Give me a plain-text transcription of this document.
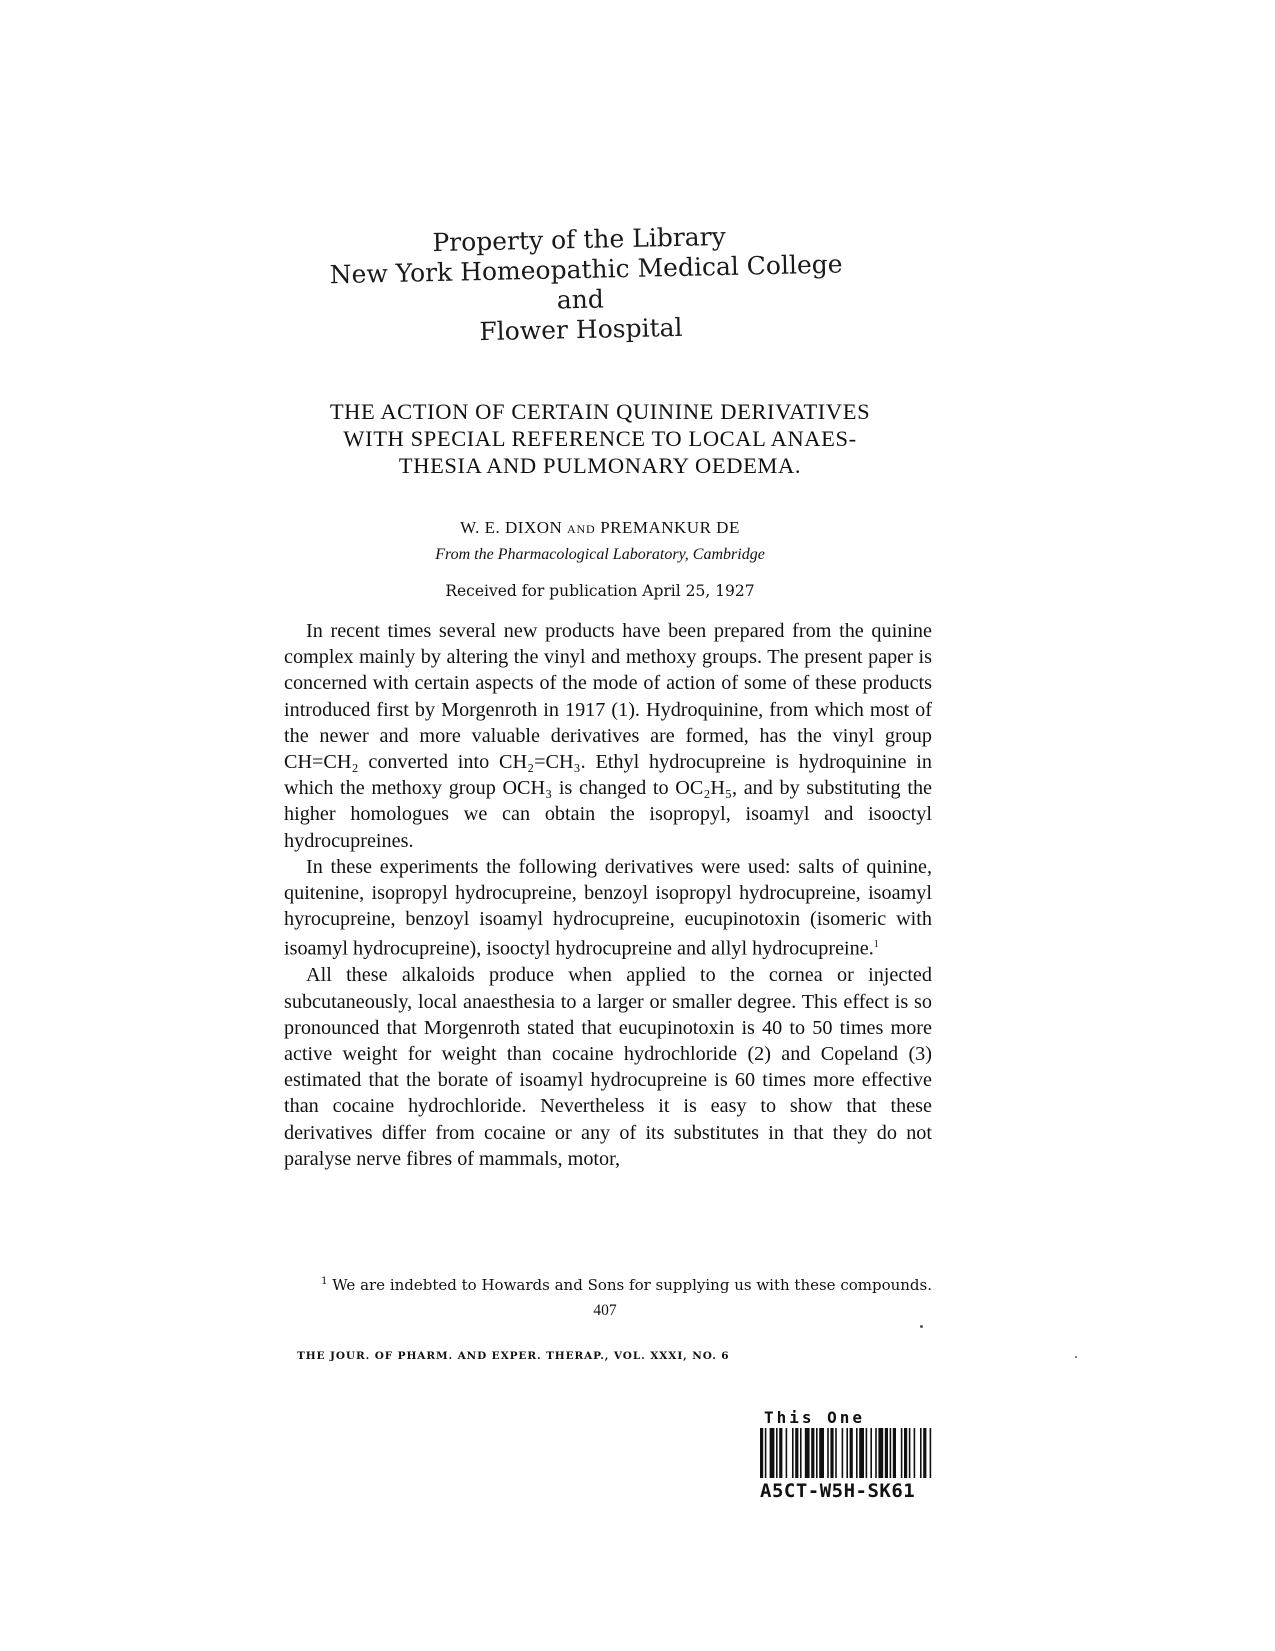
Property of the Library
New York Homeopathic Medical College
and
Flower Hospital
THE ACTION OF CERTAIN QUININE DERIVATIVES
WITH SPECIAL REFERENCE TO LOCAL ANAES-
THESIA AND PULMONARY OEDEMA.
W. E. DIXON AND PREMANKUR DE
From the Pharmacological Laboratory, Cambridge
Received for publication April 25, 1927

In recent times several new products have been prepared from the quinine complex mainly by altering the vinyl and methoxy groups. The present paper is concerned with certain aspects of the mode of action of some of these products introduced first by Morgenroth in 1917 (1). Hydroquinine, from which most of the newer and more valuable derivatives are formed, has the vinyl group CH=CH₂ converted into CH₂=CH₃. Ethyl hydrocupreine is hydroquinine in which the methoxy group OCH₃ is changed to OC₂H₅, and by substituting the higher homologues we can obtain the isopropyl, isoamyl and isooctyl hydrocupreines.

In these experiments the following derivatives were used: salts of quinine, quitenine, isopropyl hydrocupreine, benzoyl isopropyl hydrocupreine, isoamyl hyrocupreine, benzoyl isoamyl hydrocupreine, eucupinotoxin (isomeric with isoamyl hydrocupreine), isooctyl hydrocupreine and allyl hydrocupreine.$^1$

All these alkaloids produce when applied to the cornea or injected subcutaneously, local anaesthesia to a larger or smaller degree. This effect is so pronounced that Morgenroth stated that eucupinotoxin is 40 to 50 times more active weight for weight than cocaine hydrochloride (2) and Copeland (3) estimated that the borate of isoamyl hydrocupreine is 60 times more effective than cocaine hydrochloride. Nevertheless it is easy to show that these derivatives differ from cocaine or any of its substitutes in that they do not paralyse nerve fibres of mammals, motor,

$^1$ We are indebted to Howards and Sons for supplying us with these compounds.
407
THE JOUR. OF PHARM. AND EXPER. THERAP., VOL. XXXI, NO. 6
This One
A5CT-W5H-SK61
